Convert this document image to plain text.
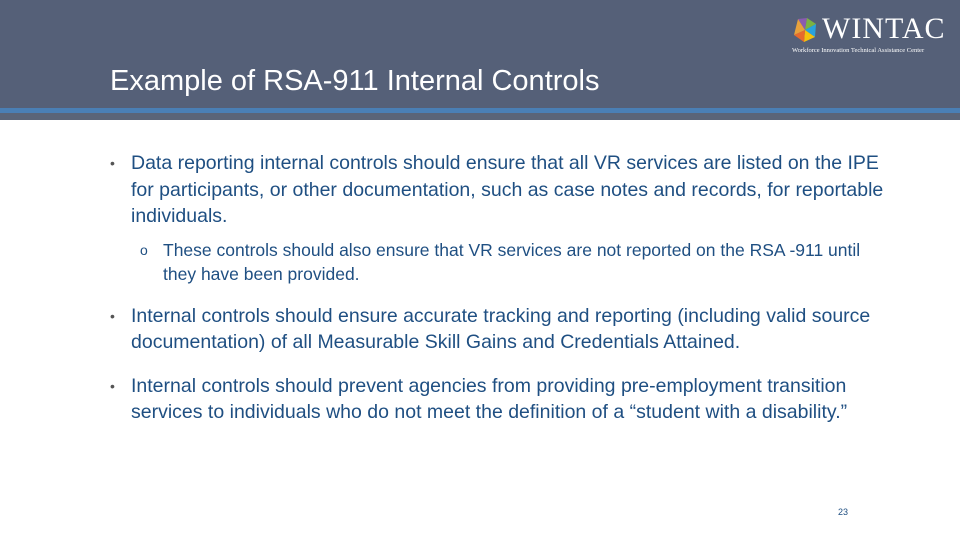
Example of RSA-911 Internal Controls
WINTAC
Workforce Innovation Technical Assistance Center
• Data reporting internal controls should ensure that all VR services are listed on the IPE for participants, or other documentation, such as case notes and records, for reportable individuals.
o These controls should also ensure that VR services are not reported on the RSA -911 until they have been provided.
• Internal controls should ensure accurate tracking and reporting (including valid source documentation) of all Measurable Skill Gains and Credentials Attained.
• Internal controls should prevent agencies from providing pre-employment transition services to individuals who do not meet the definition of a “student with a disability.”
23
